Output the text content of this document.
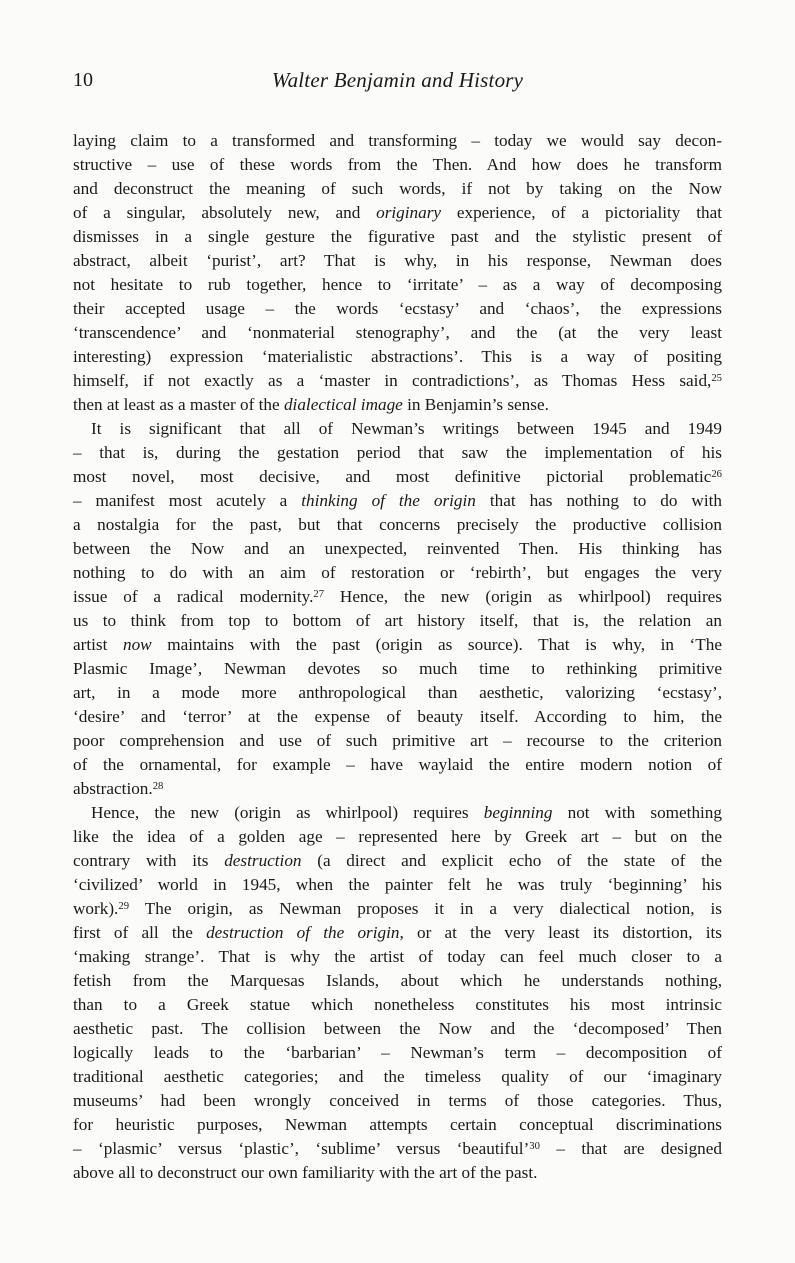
10	Walter Benjamin and History
laying claim to a transformed and transforming – today we would say decon-
structive – use of these words from the Then. And how does he transform
and deconstruct the meaning of such words, if not by taking on the Now
of a singular, absolutely new, and originary experience, of a pictoriality that
dismisses in a single gesture the figurative past and the stylistic present of
abstract, albeit ‘purist’, art? That is why, in his response, Newman does
not hesitate to rub together, hence to ‘irritate’ – as a way of decomposing
their accepted usage – the words ‘ecstasy’ and ‘chaos’, the expressions
‘transcendence’ and ‘nonmaterial stenography’, and the (at the very least
interesting) expression ‘materialistic abstractions’. This is a way of positing
himself, if not exactly as a ‘master in contradictions’, as Thomas Hess said,$^{25}$
then at least as a master of the dialectical image in Benjamin’s sense.
It is significant that all of Newman’s writings between 1945 and 1949
– that is, during the gestation period that saw the implementation of his
most novel, most decisive, and most definitive pictorial problematic$^{26}$
– manifest most acutely a thinking of the origin that has nothing to do with
a nostalgia for the past, but that concerns precisely the productive collision
between the Now and an unexpected, reinvented Then. His thinking has
nothing to do with an aim of restoration or ‘rebirth’, but engages the very
issue of a radical modernity.$^{27}$ Hence, the new (origin as whirlpool) requires
us to think from top to bottom of art history itself, that is, the relation an
artist now maintains with the past (origin as source). That is why, in ‘The
Plasmic Image’, Newman devotes so much time to rethinking primitive
art, in a mode more anthropological than aesthetic, valorizing ‘ecstasy’,
‘desire’ and ‘terror’ at the expense of beauty itself. According to him, the
poor comprehension and use of such primitive art – recourse to the criterion
of the ornamental, for example – have waylaid the entire modern notion of
abstraction.$^{28}$
Hence, the new (origin as whirlpool) requires beginning not with something
like the idea of a golden age – represented here by Greek art – but on the
contrary with its destruction (a direct and explicit echo of the state of the
‘civilized’ world in 1945, when the painter felt he was truly ‘beginning’ his
work).$^{29}$ The origin, as Newman proposes it in a very dialectical notion, is
first of all the destruction of the origin, or at the very least its distortion, its
‘making strange’. That is why the artist of today can feel much closer to a
fetish from the Marquesas Islands, about which he understands nothing,
than to a Greek statue which nonetheless constitutes his most intrinsic
aesthetic past. The collision between the Now and the ‘decomposed’ Then
logically leads to the ‘barbarian’ – Newman’s term – decomposition of
traditional aesthetic categories; and the timeless quality of our ‘imaginary
museums’ had been wrongly conceived in terms of those categories. Thus,
for heuristic purposes, Newman attempts certain conceptual discriminations
– ‘plasmic’ versus ‘plastic’, ‘sublime’ versus ‘beautiful’$^{30}$ – that are designed
above all to deconstruct our own familiarity with the art of the past.
